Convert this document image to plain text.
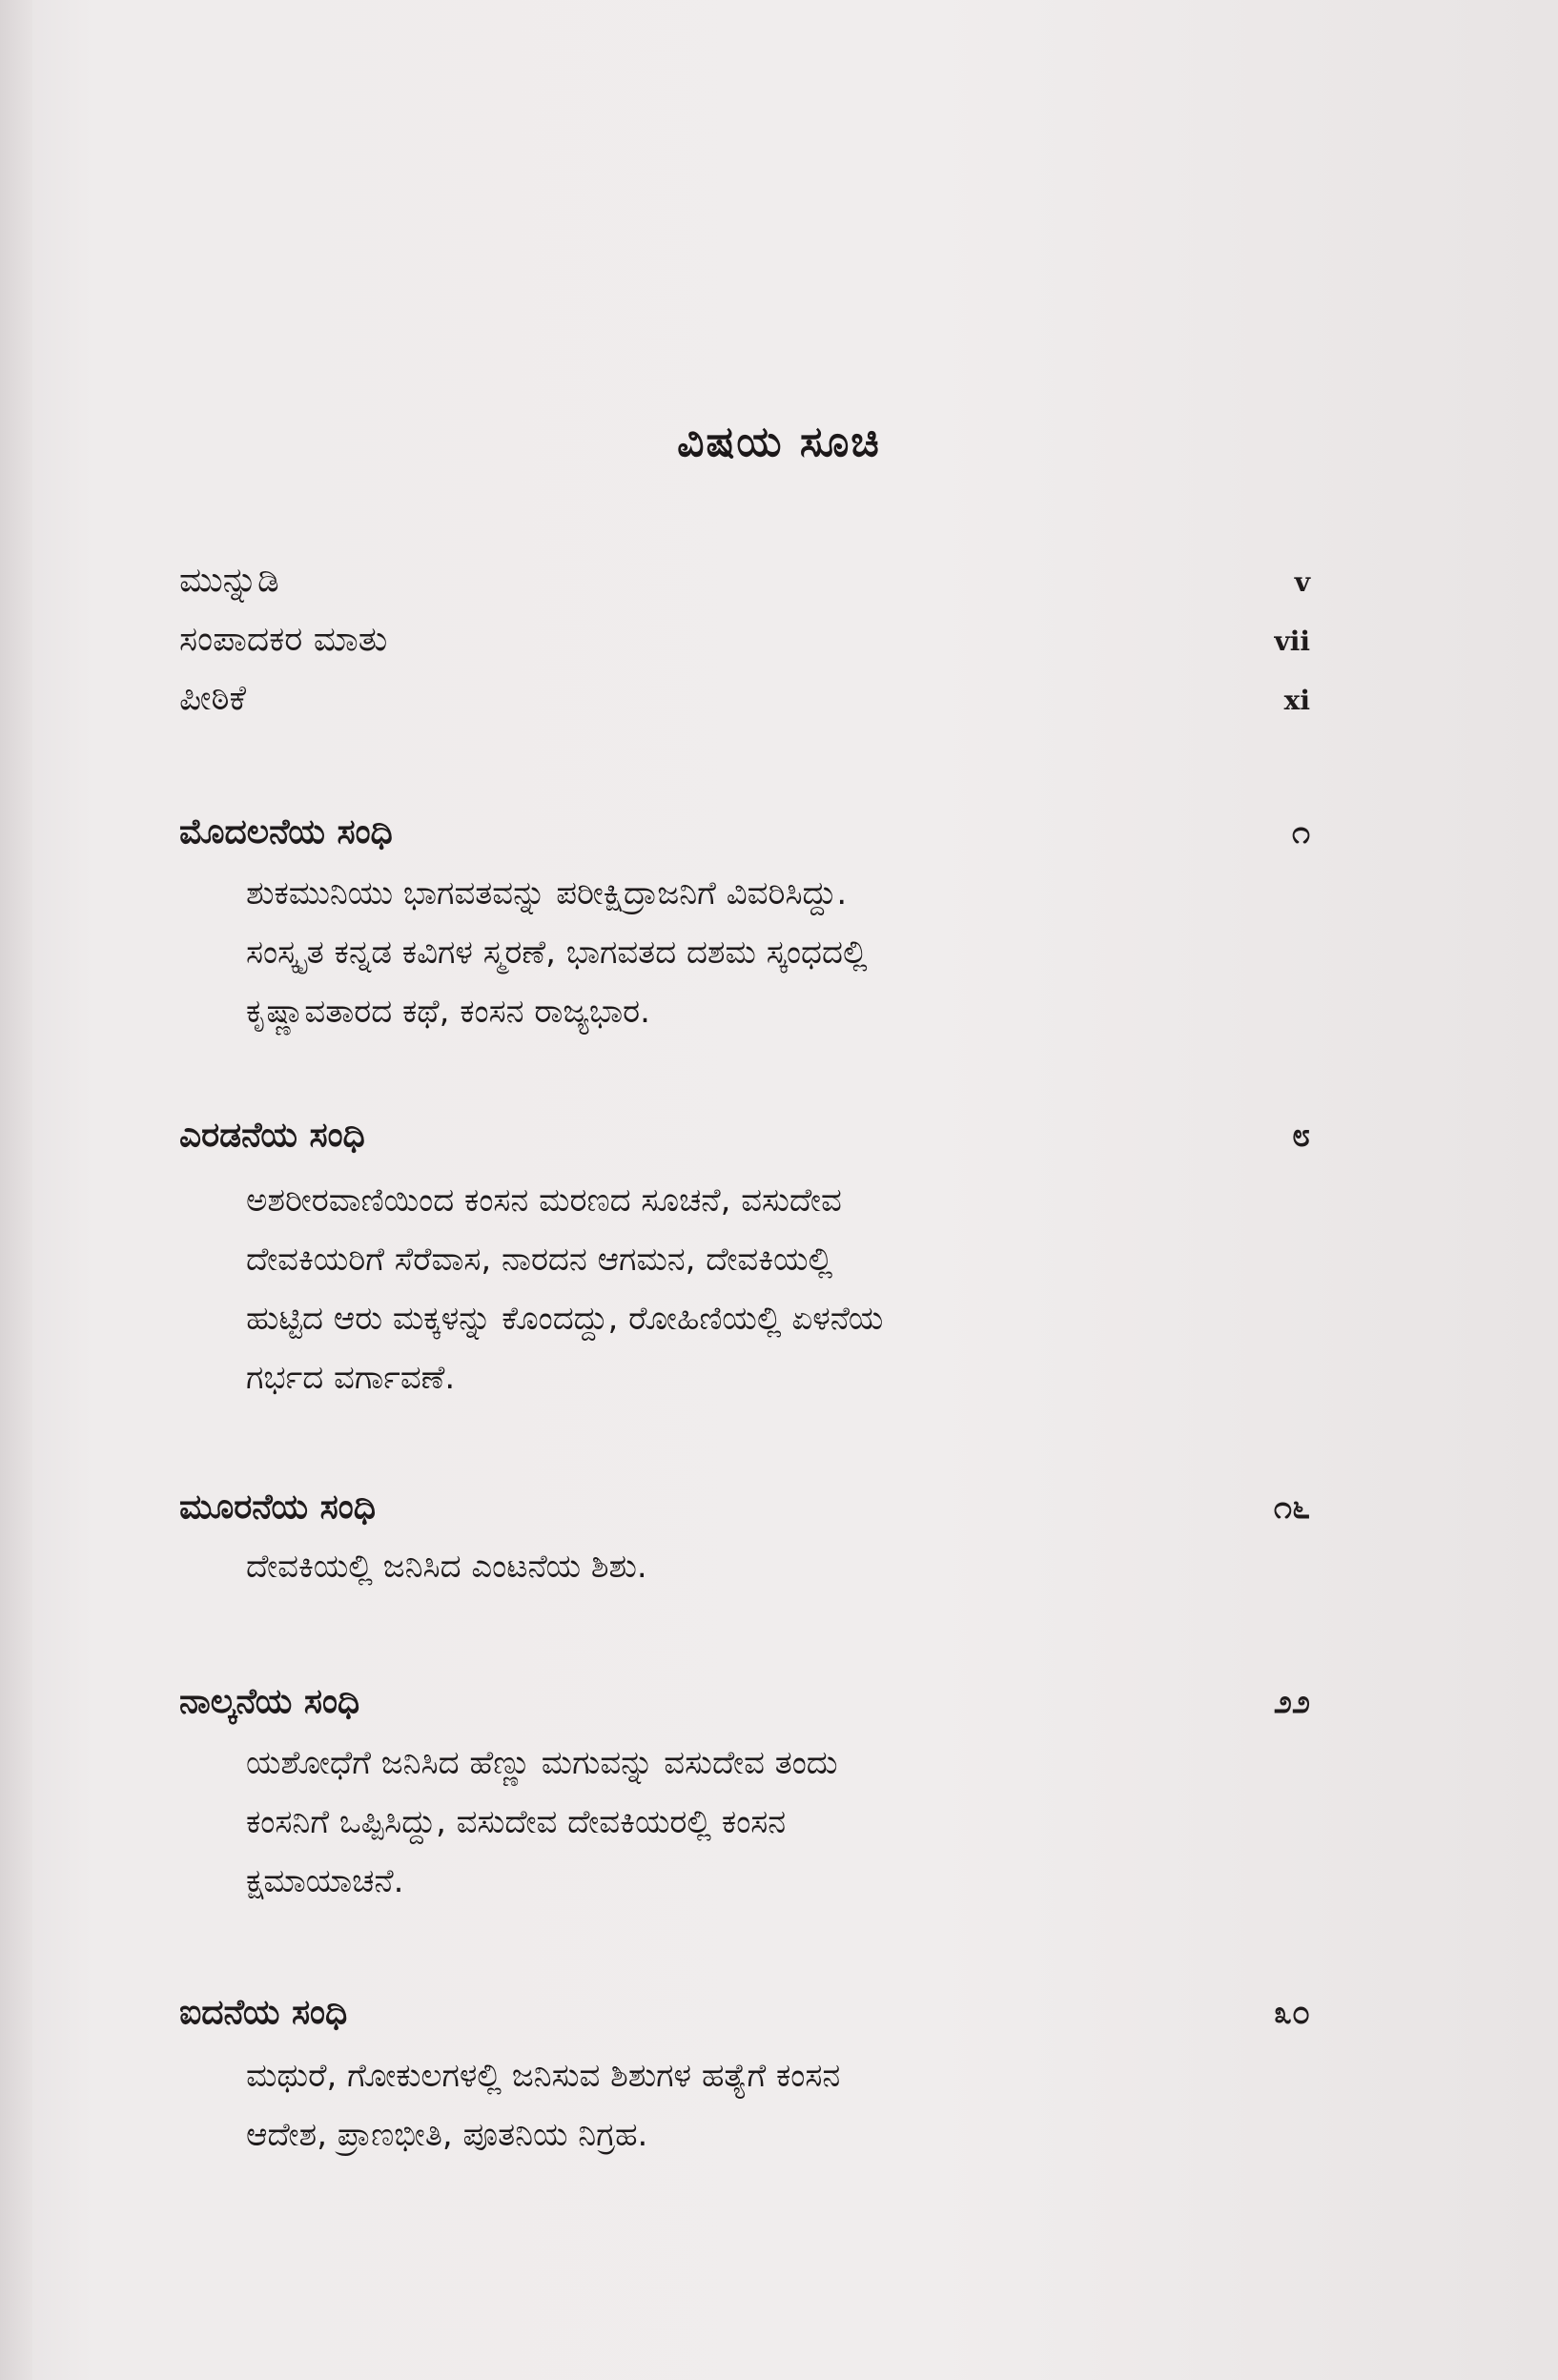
ವಿಷಯ ಸೂಚಿ
ಮುನ್ನುಡಿ	v
ಸಂಪಾದಕರ ಮಾತು	vii
ಪೀಠಿಕೆ	xi
ಮೊದಲನೆಯ ಸಂಧಿ	೧

ಶುಕಮುನಿಯು ಭಾಗವತವನ್ನು ಪರೀಕ್ಷಿದ್ರಾಜನಿಗೆ ವಿವರಿಸಿದ್ದು.

ಸಂಸ್ಕೃತ ಕನ್ನಡ ಕವಿಗಳ ಸ್ಮರಣೆ, ಭಾಗವತದ ದಶಮ ಸ್ಕಂಧದಲ್ಲಿ

ಕೃಷ್ಣಾವತಾರದ ಕಥೆ, ಕಂಸನ ರಾಜ್ಯಭಾರ.

ಎರಡನೆಯ ಸಂಧಿ	೮

ಅಶರೀರವಾಣಿಯಿಂದ ಕಂಸನ ಮರಣದ ಸೂಚನೆ, ವಸುದೇವ

ದೇವಕಿಯರಿಗೆ ಸೆರೆವಾಸ, ನಾರದನ ಆಗಮನ, ದೇವಕಿಯಲ್ಲಿ

ಹುಟ್ಟಿದ ಆರು ಮಕ್ಕಳನ್ನು ಕೊಂದದ್ದು, ರೋಹಿಣಿಯಲ್ಲಿ ಏಳನೆಯ

ಗರ್ಭದ ವರ್ಗಾವಣೆ.

ಮೂರನೆಯ ಸಂಧಿ	೧೬

ದೇವಕಿಯಲ್ಲಿ ಜನಿಸಿದ ಎಂಟನೆಯ ಶಿಶು.

ನಾಲ್ಕನೆಯ ಸಂಧಿ	೨೨

ಯಶೋಧೆಗೆ ಜನಿಸಿದ ಹೆಣ್ಣು ಮಗುವನ್ನು ವಸುದೇವ ತಂದು

ಕಂಸನಿಗೆ ಒಪ್ಪಿಸಿದ್ದು, ವಸುದೇವ ದೇವಕಿಯರಲ್ಲಿ ಕಂಸನ

ಕ್ಷಮಾಯಾಚನೆ.

ಐದನೆಯ ಸಂಧಿ	೩೦

ಮಥುರೆ, ಗೋಕುಲಗಳಲ್ಲಿ ಜನಿಸುವ ಶಿಶುಗಳ ಹತ್ಯೆಗೆ ಕಂಸನ

ಆದೇಶ, ಪ್ರಾಣಭೀತಿ, ಪೂತನಿಯ ನಿಗ್ರಹ.
